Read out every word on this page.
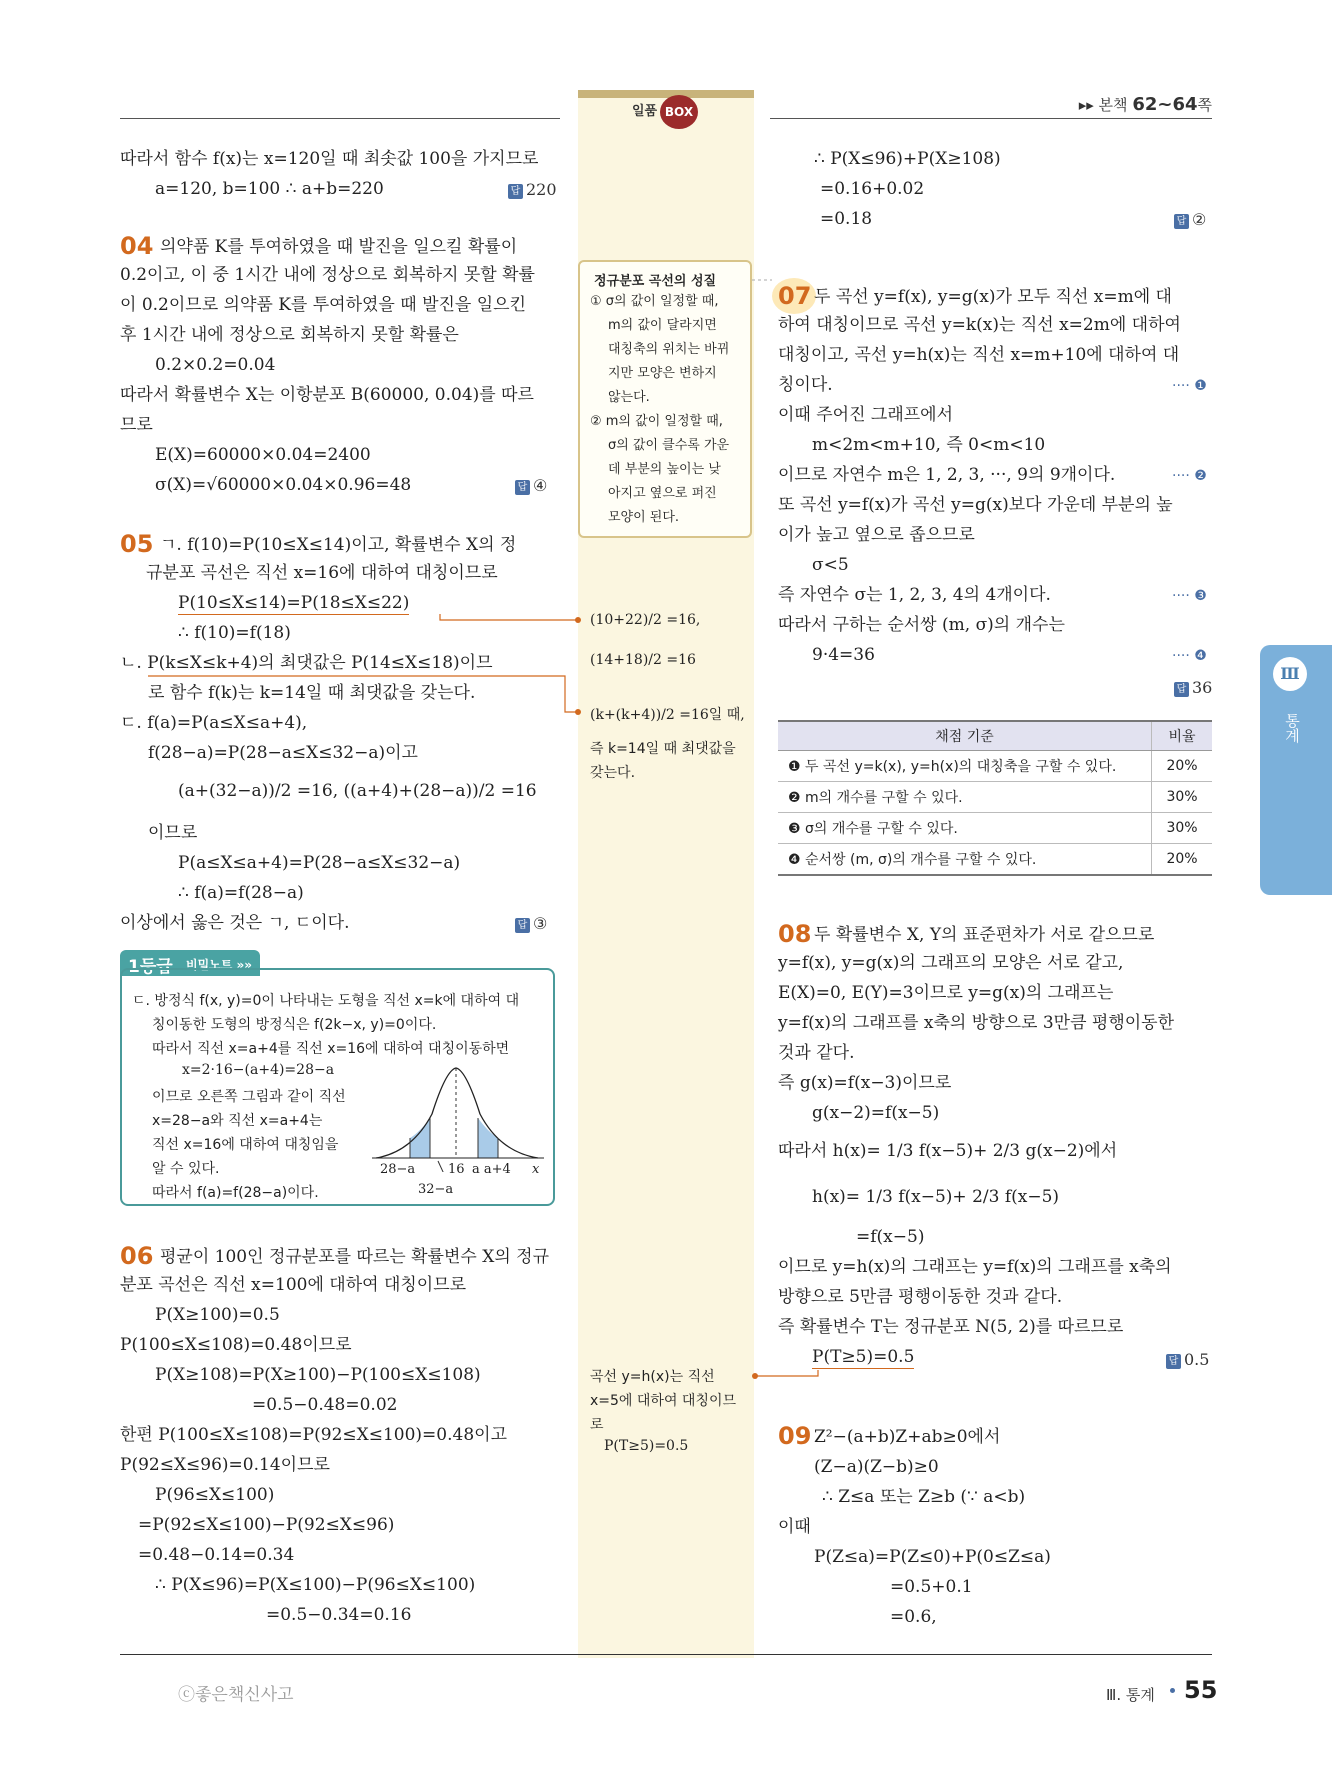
일품 BOX	▸▸ 본책 62~64쪽
따라서 함수 f(x)는 x=120일 때 최솟값 100을 가지므로
a=120, b=100 ∴ a+b=220	답 220
04 의약품 K를 투여하였을 때 발진을 일으킬 확률이
0.2이고, 이 중 1시간 내에 정상으로 회복하지 못할 확률
이 0.2이므로 의약품 K를 투여하였을 때 발진을 일으킨
후 1시간 내에 정상으로 회복하지 못할 확률은
0.2×0.2=0.04
따라서 확률변수 X는 이항분포 B(60000, 0.04)를 따르
므로
E(X)=60000×0.04=2400
σ(X)=√60000×0.04×0.96=48	답 ④
05 ㄱ. f(10)=P(10≤X≤14)이고, 확률변수 X의 정
규분포 곡선은 직선 x=16에 대하여 대칭이므로
P(10≤X≤14)=P(18≤X≤22)
∴ f(10)=f(18)
ㄴ. P(k≤X≤k+4)의 최댓값은 P(14≤X≤18)이므
로 함수 f(k)는 k=14일 때 최댓값을 갖는다.
ㄷ. f(a)=P(a≤X≤a+4),
f(28−a)=P(28−a≤X≤32−a)이고
(a+(32−a))/2 =16, ((a+4)+(28−a))/2 =16
이므로
P(a≤X≤a+4)=P(28−a≤X≤32−a)
∴ f(a)=f(28−a)
이상에서 옳은 것은 ㄱ, ㄷ이다.	답 ③
1등급 비밀노트 »»
ㄷ. 방정식 f(x, y)=0이 나타내는 도형을 직선 x=k에 대하여 대
칭이동한 도형의 방정식은 f(2k−x, y)=0이다.
따라서 직선 x=a+4를 직선 x=16에 대하여 대칭이동하면
x=2·16−(a+4)=28−a
이므로 오른쪽 그림과 같이 직선
x=28−a와 직선 x=a+4는
직선 x=16에 대하여 대칭임을
알 수 있다.
따라서 f(a)=f(28−a)이다.
28−a	16 a a+4 x
32−a
06 평균이 100인 정규분포를 따르는 확률변수 X의 정규
분포 곡선은 직선 x=100에 대하여 대칭이므로
P(X≥100)=0.5
P(100≤X≤108)=0.48이므로
P(X≥108)=P(X≥100)−P(100≤X≤108)
=0.5−0.48=0.02
한편 P(100≤X≤108)=P(92≤X≤100)=0.48이고
P(92≤X≤96)=0.14이므로
P(96≤X≤100)
=P(92≤X≤100)−P(92≤X≤96)
=0.48−0.14=0.34
∴ P(X≤96)=P(X≤100)−P(96≤X≤100)
=0.5−0.34=0.16
정규분포 곡선의 성질
① σ의 값이 일정할 때,
m의 값이 달라지면
대칭축의 위치는 바뀌
지만 모양은 변하지
않는다.
② m의 값이 일정할 때,
σ의 값이 클수록 가운
데 부분의 높이는 낮
아지고 옆으로 퍼진
모양이 된다.
(10+22)/2 =16,
(14+18)/2 =16
(k+(k+4))/2 =16일 때,
즉 k=14일 때 최댓값을
갖는다.
곡선 y=h(x)는 직선
x=5에 대하여 대칭이므
로
P(T≥5)=0.5
∴ P(X≤96)+P(X≥108)
=0.16+0.02
=0.18	답 ②
07 두 곡선 y=f(x), y=g(x)가 모두 직선 x=m에 대
하여 대칭이므로 곡선 y=k(x)는 직선 x=2m에 대하여
대칭이고, 곡선 y=h(x)는 직선 x=m+10에 대하여 대
칭이다.	···· ❶
이때 주어진 그래프에서
m<2m<m+10, 즉 0<m<10
이므로 자연수 m은 1, 2, 3, ···, 9의 9개이다.	···· ❷
또 곡선 y=f(x)가 곡선 y=g(x)보다 가운데 부분의 높
이가 높고 옆으로 좁으므로
σ<5
즉 자연수 σ는 1, 2, 3, 4의 4개이다.	···· ❸
따라서 구하는 순서쌍 (m, σ)의 개수는
9·4=36	···· ❹
답 36
채점 기준	비율
❶ 두 곡선 y=k(x), y=h(x)의 대칭축을 구할 수 있다.	20%
❷ m의 개수를 구할 수 있다.	30%
❸ σ의 개수를 구할 수 있다.	30%
❹ 순서쌍 (m, σ)의 개수를 구할 수 있다.	20%
08 두 확률변수 X, Y의 표준편차가 서로 같으므로
y=f(x), y=g(x)의 그래프의 모양은 서로 같고,
E(X)=0, E(Y)=3이므로 y=g(x)의 그래프는
y=f(x)의 그래프를 x축의 방향으로 3만큼 평행이동한
것과 같다.
즉 g(x)=f(x−3)이므로
g(x−2)=f(x−5)
따라서 h(x)= 1/3 f(x−5)+ 2/3 g(x−2)에서
h(x)= 1/3 f(x−5)+ 2/3 f(x−5)
=f(x−5)
이므로 y=h(x)의 그래프는 y=f(x)의 그래프를 x축의
방향으로 5만큼 평행이동한 것과 같다.
즉 확률변수 T는 정규분포 N(5, 2)를 따르므로
P(T≥5)=0.5	답 0.5
09 Z²−(a+b)Z+ab≥0에서
(Z−a)(Z−b)≥0
∴ Z≤a 또는 Z≥b (∵ a<b)
이때
P(Z≤a)=P(Z≤0)+P(0≤Z≤a)
=0.5+0.1
=0.6,
Ⅲ
통계
ⓒ좋은책신사고	Ⅲ. 통계 55
